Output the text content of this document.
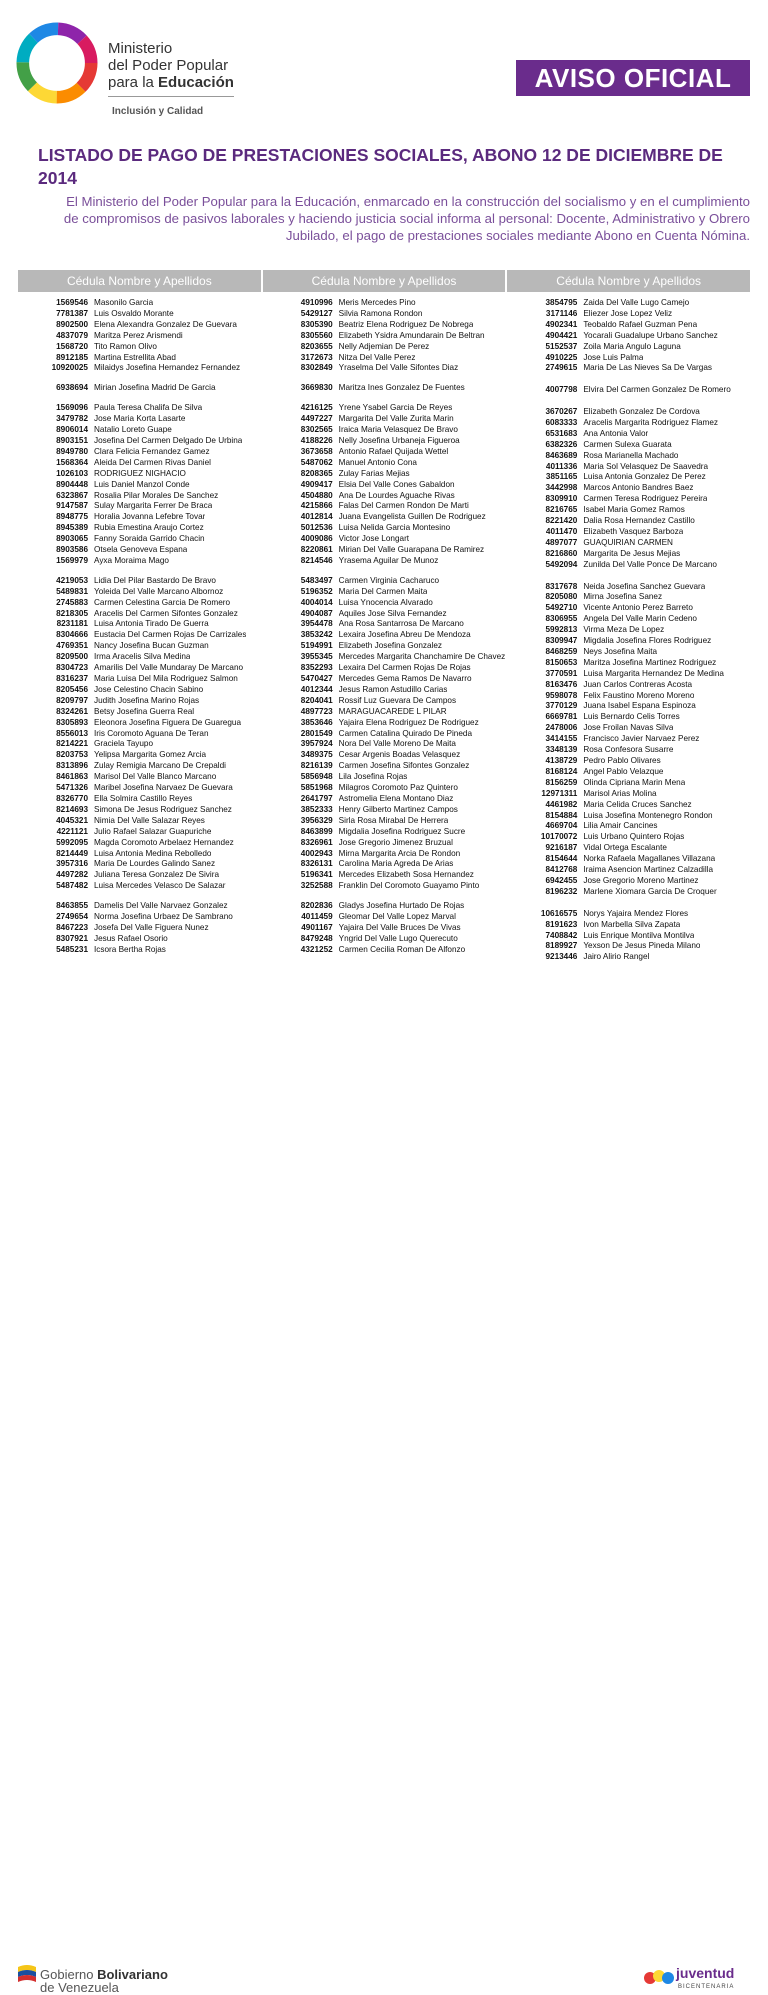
Ministerio
del Poder Popular
para la Educación
Inclusión y Calidad
AVISO OFICIAL
LISTADO DE PAGO DE PRESTACIONES SOCIALES, ABONO 12 DE DICIEMBRE DE 2014
El Ministerio del Poder Popular para la Educación, enmarcado en la construcción del socialismo y en el cumplimiento de compromisos de pasivos laborales y haciendo justicia social informa al personal: Docente, Administrativo y Obrero Jubilado, el pago de prestaciones sociales mediante Abono en Cuenta Nómina.
Cédula Nombre y Apellidos
1569546 Masonilo Garcia
7781387 Luis Osvaldo Morante
8902500 Elena Alexandra Gonzalez De Guevara
4837079 Maritza Perez Arismendi
1568720 Tito Ramon Olivo
8912185 Martina Estrellita Abad
10920025 Milaidys Josefina Hernandez Fernandez
6938694 Mirian Josefina Madrid De Garcia
1569096 Paula Teresa Chalifa De Silva
3479782 Jose Maria Korta Lasarte
8906014 Natalio Loreto Guape
8903151 Josefina Del Carmen Delgado De Urbina
8949780 Clara Felicia Fernandez Gamez
1568364 Aleida Del Carmen Rivas Daniel
1026103 RODRIGUEZ NIGHACIO
8904448 Luis Daniel Manzol Conde
6323867 Rosalia Pilar Morales De Sanchez
9147587 Sulay Margarita Ferrer De Braca
8948775 Horalia Jovanna Lefebre Tovar
8945389 Rubia Emestina Araujo Cortez
8903065 Fanny Soraida Garrido Chacin
8903586 Otsela Genoveva Espana
1569979 Ayxa Moraima Mago
4219053 Lidia Del Pilar Bastardo De Bravo
5489831 Yoleida Del Valle Marcano Albornoz
2745883 Carmen Celestina Garcia De Romero
8218305 Aracelis Del Carmen Sifontes Gonzalez
8231181 Luisa Antonia Tirado De Guerra
8304666 Eustacia Del Carmen Rojas De Carrizales
4769351 Nancy Josefina Bucan Guzman
8209500 Irma Aracelis Silva Medina
8304723 Amarilis Del Valle Mundaray De Marcano
8316237 Maria Luisa Del Mila Rodriguez Salmon
8205456 Jose Celestino Chacin Sabino
8209797 Judith Josefina Marino Rojas
8324261 Betsy Josefina Guerra Real
8305893 Eleonora Josefina Figuera De Guaregua
8556013 Iris Coromoto Aguana De Teran
8214221 Graciela Tayupo
8203753 Yelipsa Margarita Gomez Arcia
8313896 Zulay Remigia Marcano De Crepaldi
8461863 Marisol Del Valle Blanco Marcano
5471326 Maribel Josefina Narvaez De Guevara
8326770 Ella Solmira Castillo Reyes
8214693 Simona De Jesus Rodriguez Sanchez
4045321 Nimia Del Valle Salazar Reyes
4221121 Julio Rafael Salazar Guapuriche
5992095 Magda Coromoto Arbelaez Hernandez
8214449 Luisa Antonia Medina Rebolledo
3957316 Maria De Lourdes Galindo Sanez
4497282 Juliana Teresa Gonzalez De Sivira
5487482 Luisa Mercedes Velasco De Salazar
8463855 Damelis Del Valle Narvaez Gonzalez
2749654 Norma Josefina Urbaez De Sambrano
8467223 Josefa Del Valle Figuera Nunez
8307921 Jesus Rafael Osorio
5485231 Icsora Bertha Rojas
Cédula Nombre y Apellidos
4910996 Meris Mercedes Pino
5429127 Silvia Ramona Rondon
8305390 Beatriz Elena Rodriguez De Nobrega
8305560 Elizabeth Ysidra Amundarain De Beltran
8203655 Nelly Adjemian De Perez
3172673 Nitza Del Valle Perez
8302849 Yraselma Del Valle Sifontes Diaz
3669830 Maritza Ines Gonzalez De Fuentes
4216125 Yrene Ysabel Garcia De Reyes
4497227 Margarita Del Valle Zurita Marin
8302565 Iraica Maria Velasquez De Bravo
4188226 Nelly Josefina Urbaneja Figueroa
3673658 Antonio Rafael Quijada Wettel
5487062 Manuel Antonio Cona
8208365 Zulay Farias Mejias
4909417 Elsia Del Valle Cones Gabaldon
4504880 Ana De Lourdes Aguache Rivas
4215866 Falas Del Carmen Rondon De Marti
4012814 Juana Evangelista Guillen De Rodriguez
5012536 Luisa Nelida Garcia Montesino
4009086 Victor Jose Longart
8220861 Mirian Del Valle Guarapana De Ramirez
8214546 Yrasema Aguilar De Munoz
5483497 Carmen Virginia Cacharuco
5196352 Maria Del Carmen Maita
4004014 Luisa Ynocencia Alvarado
4904087 Aquiles Jose Silva Fernandez
3954478 Ana Rosa Santarrosa De Marcano
3853242 Lexaira Josefina Abreu De Mendoza
5194991 Elizabeth Josefina Gonzalez
3955345 Mercedes Margarita Chanchamire De Chavez
8352293 Lexaira Del Carmen Rojas De Rojas
5470427 Mercedes Gema Ramos De Navarro
4012344 Jesus Ramon Astudillo Carias
8204041 Rossif Luz Guevara De Campos
4897723 MARAGUACAREDE L PILAR
3853646 Yajaira Elena Rodriguez De Rodriguez
2801549 Carmen Catalina Quirado De Pineda
3957924 Nora Del Valle Moreno De Maita
3489375 Cesar Argenis Boadas Velasquez
8216139 Carmen Josefina Sifontes Gonzalez
5856948 Lila Josefina Rojas
5851968 Milagros Coromoto Paz Quintero
2641797 Astromelia Elena Montano Diaz
3852333 Henry Gilberto Martinez Campos
3956329 Sirla Rosa Mirabal De Herrera
8463899 Migdalia Josefina Rodriguez Sucre
8326961 Jose Gregorio Jimenez Bruzual
4002943 Mirna Margarita Arcia De Rondon
8326131 Carolina Maria Agreda De Arias
5196341 Mercedes Elizabeth Sosa Hernandez
3252588 Franklin Del Coromoto Guayamo Pinto
8202836 Gladys Josefina Hurtado De Rojas
4011459 Gleomar Del Valle Lopez Marval
4901167 Yajaira Del Valle Bruces De Vivas
8479248 Yngrid Del Valle Lugo Querecuto
4321252 Carmen Cecilia Roman De Alfonzo
Cédula Nombre y Apellidos
3854795 Zaida Del Valle Lugo Camejo
3171146 Eliezer Jose Lopez Veliz
4902341 Teobaldo Rafael Guzman Pena
4904421 Yocarali Guadalupe Urbano Sanchez
5152537 Zoila Maria Angulo Laguna
4910225 Jose Luis Palma
2749615 Maria De Las Nieves Sa De Vargas
4007798 Elvira Del Carmen Gonzalez De Romero
3670267 Elizabeth Gonzalez De Cordova
6083333 Aracelis Margarita Rodriguez Flamez
6531683 Ana Antonia Valor
6382326 Carmen Sulexa Guarata
8463689 Rosa Marianella Machado
4011336 Maria Sol Velasquez De Saavedra
3851165 Luisa Antonia Gonzalez De Perez
3442998 Marcos Antonio Bandres Baez
8309910 Carmen Teresa Rodriguez Pereira
8216765 Isabel Maria Gomez Ramos
8221420 Dalia Rosa Hernandez Castillo
4011470 Elizabeth Vasquez Barboza
4897077 GUAQUIRIAN CARMEN
8216860 Margarita De Jesus Mejias
5492094 Zunilda Del Valle Ponce De Marcano
8317678 Neida Josefina Sanchez Guevara
8205080 Mirna Josefina Sanez
5492710 Vicente Antonio Perez Barreto
8306955 Angela Del Valle Marin Cedeno
5992813 Virma Meza De Lopez
8309947 Migdalia Josefina Flores Rodriguez
8468259 Neys Josefina Maita
8150653 Maritza Josefina Martinez Rodriguez
3770591 Luisa Margarita Hernandez De Medina
8163476 Juan Carlos Contreras Acosta
9598078 Felix Faustino Moreno Moreno
3770129 Juana Isabel Espana Espinoza
6669781 Luis Bernardo Celis Torres
2478006 Jose Froilan Navas Silva
3414155 Francisco Javier Narvaez Perez
3348139 Rosa Confesora Susarre
4138729 Pedro Pablo Olivares
8168124 Angel Pablo Velazque
8156259 Olinda Cipriana Marin Mena
12971311 Marisol Arias Molina
4461982 Maria Celida Cruces Sanchez
8154884 Luisa Josefina Montenegro Rondon
4669704 Lilia Amair Cancines
10170072 Luis Urbano Quintero Rojas
9216187 Vidal Ortega Escalante
8154644 Norka Rafaela Magallanes Villazana
8412768 Iraima Asencion Martinez Calzadilla
6942455 Jose Gregorio Moreno Martinez
8196232 Marlene Xiomara Garcia De Croquer
10616575 Norys Yajaira Mendez Flores
8191623 Ivon Marbella Silva Zapata
7408842 Luis Enrique Montilva Montilva
8189927 Yexson De Jesus Pineda Milano
9213446 Jairo Alirio Rangel
Gobierno Bolivariano
de Venezuela
juventud
BICENTENARIA
